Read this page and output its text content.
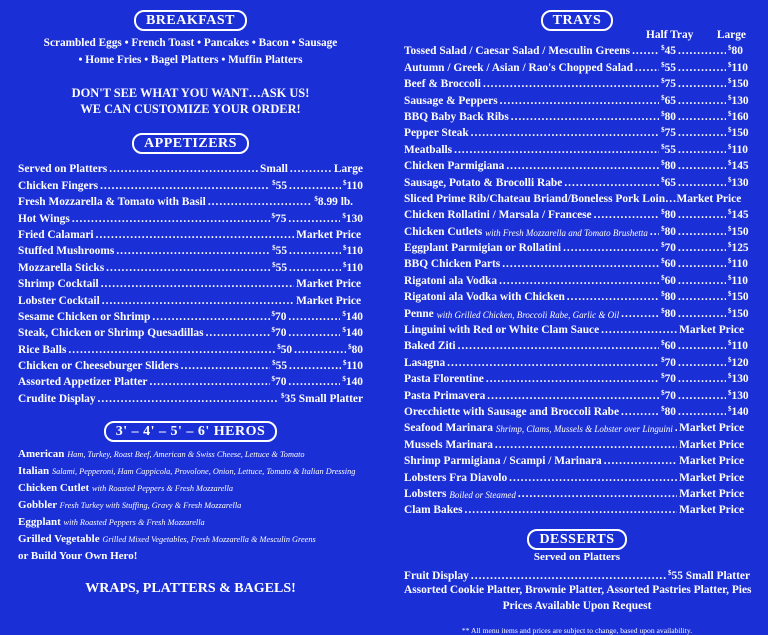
BREAKFAST
Scrambled Eggs • French Toast • Pancakes • Bacon • Sausage
• Home Fries • Bagel Platters • Muffin Platters
DON'T SEE WHAT YOU WANT…ASK US!
WE CAN CUSTOMIZE YOUR ORDER!
APPETIZERS
Served on Platters .....	Small .....	Large
Chicken Fingers .....	$55 .....	$110
Fresh Mozzarella & Tomato with Basil .....	$8.99 lb.
Hot Wings .....	$75 .....	$130
Fried Calamari .....	Market Price
Stuffed Mushrooms .....	$55 .....	$110
Mozzarella Sticks .....	$55 .....	$110
Shrimp Cocktail .....	Market Price
Lobster Cocktail .....	Market Price
Sesame Chicken or Shrimp .....	$70 .....	$140
Steak, Chicken or Shrimp Quesadillas .....	$70 .....	$140
Rice Balls .....	$50 .....	$80
Chicken or Cheeseburger Sliders .....	$55 .....	$110
Assorted Appetizer Platter .....	$70 .....	$140
Crudite Display .....	$35 Small Platter
3' – 4' – 5' – 6' HEROS
American Ham, Turkey, Roast Beef, American & Swiss Cheese, Lettuce & Tomato
Italian Salami, Pepperoni, Ham Cappicola, Provolone, Onion, Lettuce, Tomato & Italian Dressing
Chicken Cutlet with Roasted Peppers & Fresh Mozzarella
Gobbler Fresh Turkey with Stuffing, Gravy & Fresh Mozzarella
Eggplant with Roasted Peppers & Fresh Mozzarella
Grilled Vegetable Grilled Mixed Vegetables, Fresh Mozzarella & Mesculin Greens
or Build Your Own Hero!
WRAPS, PLATTERS & BAGELS!
TRAYS
Half Tray Large
Tossed Salad / Caesar Salad / Mesculin Greens .....	$45 .....	$80
Autumn / Greek / Asian / Rao's Chopped Salad .....	$55 .....	$110
Beef & Broccoli .....	$75 .....	$150
Sausage & Peppers .....	$65 .....	$130
BBQ Baby Back Ribs .....	$80 .....	$160
Pepper Steak .....	$75 .....	$150
Meatballs .....	$55 .....	$110
Chicken Parmigiana .....	$80 .....	$145
Sausage, Potato & Brocolli Rabe .....	$65 .....	$130
Sliced Prime Rib/Chateau Briand/Boneless Pork Loin…Market Price
Chicken Rollatini / Marsala / Francese .....	$80 .....	$145
Chicken Cutlets with Fresh Mozzarella and Tomato Brushetta ..... $80 .....	$150
Eggplant Parmigian or Rollatini .....	$70 .....	$125
BBQ Chicken Parts .....	$60 .....	$110
Rigatoni ala Vodka .....	$60 .....	$110
Rigatoni ala Vodka with Chicken .....	$80 .....	$150
Penne with Grilled Chicken, Broccoli Rabe, Garlic & Oil .....	$80 .....	$150
Linguini with Red or White Clam Sauce .....	Market Price
Baked Ziti .....	$60 .....	$110
Lasagna .....	$70 .....	$120
Pasta Florentine .....	$70 .....	$130
Pasta Primavera .....	$70 .....	$130
Orecchiette with Sausage and Broccoli Rabe .....	$80 .....	$140
Seafood Marinara Shrimp, Clams, Mussels & Lobster over Linguini ..... Market Price
Mussels Marinara .....	Market Price
Shrimp Parmigiana / Scampi / Marinara .....	Market Price
Lobsters Fra Diavolo .....	Market Price
Lobsters Boiled or Steamed .....	Market Price
Clam Bakes .....	Market Price
DESSERTS
Served on Platters
Fruit Display .....	$55 Small Platter
Assorted Cookie Platter, Brownie Platter, Assorted Pastries Platter, Pies
Prices Available Upon Request
** All menu items and prices are subject to change, based upon availability.
